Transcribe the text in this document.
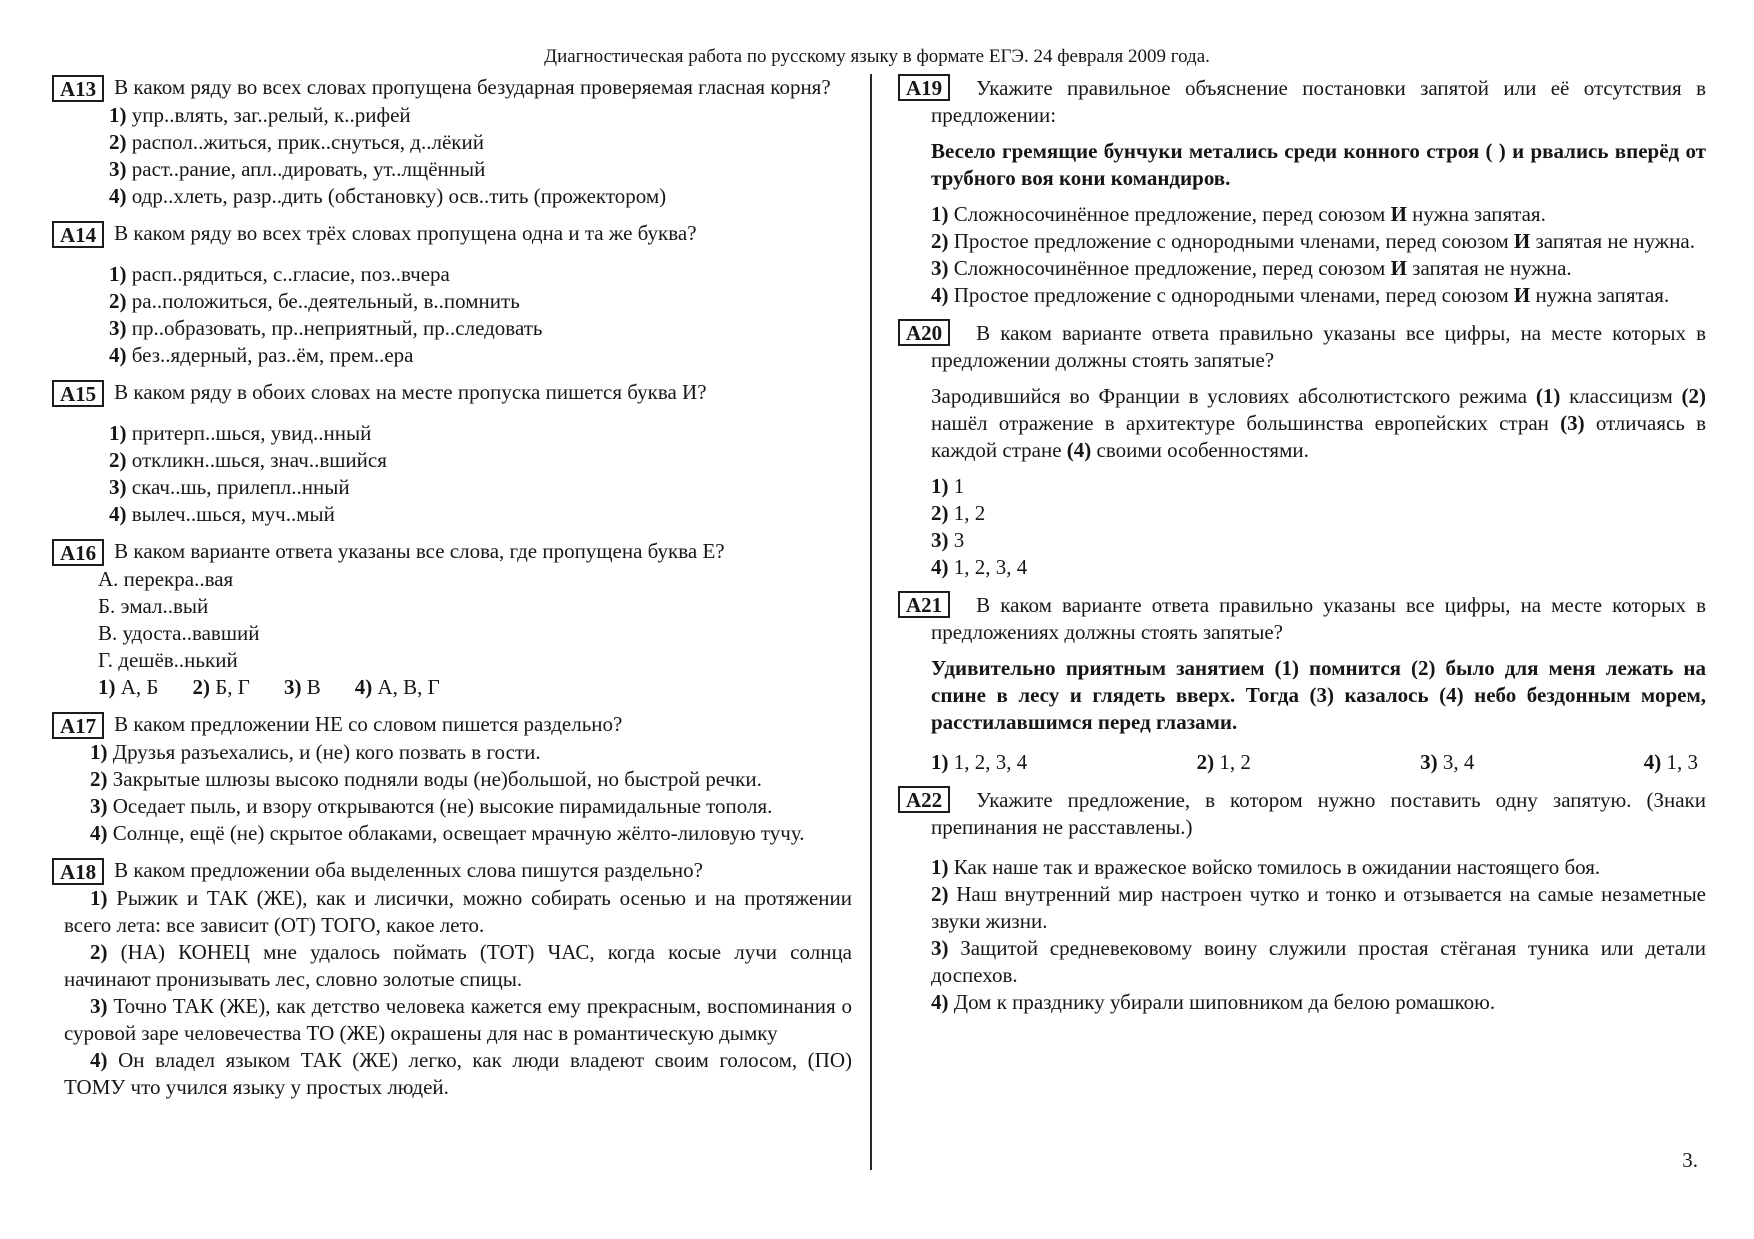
Диагностическая работа по русскому языку в формате ЕГЭ. 24 февраля 2009 года.
A13 В каком ряду во всех словах пропущена безударная проверяемая гласная корня?

1) упр..влять, заг..релый, к..рифей

2) распол..житься, прик..снуться, д..лёкий

3) раст..рание, апл..дировать, ут..лщённый

4) одр..хлеть, разр..дить (обстановку) осв..тить (прожектором)

A14 В каком ряду во всех трёх словах пропущена одна и та же буква?

1) расп..рядиться, с..гласие, поз..вчера

2) ра..положиться, бе..деятельный, в..помнить

3) пр..образовать, пр..неприятный, пр..следовать

4) без..ядерный, раз..ём, прем..ера

A15 В каком ряду в обоих словах на месте пропуска пишется буква И?

1) притерп..шься, увид..нный

2) откликн..шься, знач..вшийся

3) скач..шь, прилепл..нный

4) вылеч..шься, муч..мый

A16 В каком варианте ответа указаны все слова, где пропущена буква Е?

А. перекра..вая

Б. эмал..вый

В. удоста..вавший

Г. дешёв..нький

1) А, Б 2) Б, Г 3) В 4) А, В, Г
A17 В каком предложении НЕ со словом пишется раздельно?

1) Друзья разъехались, и (не) кого позвать в гости.

2) Закрытые шлюзы высоко подняли воды (не)большой, но быстрой речки.

3) Оседает пыль, и взору открываются (не) высокие пирамидальные тополя.

4) Солнце, ещё (не) скрытое облаками, освещает мрачную жёлто-лиловую тучу.

A18 В каком предложении оба выделенных слова пишутся раздельно?

1) Рыжик и ТАК (ЖЕ), как и лисички, можно собирать осенью и на протяжении всего лета: все зависит (ОТ) ТОГО, какое лето.

2) (НА) КОНЕЦ мне удалось поймать (ТОТ) ЧАС, когда косые лучи солнца начинают пронизывать лес, словно золотые спицы.

3) Точно ТАК (ЖЕ), как детство человека кажется ему прекрасным, воспоминания о суровой заре человечества ТО (ЖЕ) окрашены для нас в романтическую дымку

4) Он владел языком ТАК (ЖЕ) легко, как люди владеют своим голосом, (ПО) ТОМУ что учился языку у простых людей.

A19 Укажите правильное объяснение постановки запятой или её отсутствия в предложении:

Весело гремящие бунчуки метались среди конного строя ( ) и рвались вперёд от трубного воя кони командиров.

1) Сложносочинённое предложение, перед союзом И нужна запятая.

2) Простое предложение с однородными членами, перед союзом И запятая не нужна.

3) Сложносочинённое предложение, перед союзом И запятая не нужна.

4) Простое предложение с однородными членами, перед союзом И нужна запятая.

A20 В каком варианте ответа правильно указаны все цифры, на месте которых в предложении должны стоять запятые?

Зародившийся во Франции в условиях абсолютистского режима (1) классицизм (2) нашёл отражение в архитектуре большинства европейских стран (3) отличаясь в каждой стране (4) своими особенностями.

1) 1

2) 1, 2

3) 3

4) 1, 2, 3, 4

A21 В каком варианте ответа правильно указаны все цифры, на месте которых в предложениях должны стоять запятые?

Удивительно приятным занятием (1) помнится (2) было для меня лежать на спине в лесу и глядеть вверх. Тогда (3) казалось (4) небо бездонным морем, расстилавшимся перед глазами.

1) 1, 2, 3, 4	2) 1, 2	3) 3, 4	4) 1, 3

A22 Укажите предложение, в котором нужно поставить одну запятую. (Знаки препинания не расставлены.)

1) Как наше так и вражеское войско томилось в ожидании настоящего боя.

2) Наш внутренний мир настроен чутко и тонко и отзывается на самые незаметные звуки жизни.

3) Защитой средневековому воину служили простая стёганая туника или детали доспехов.

4) Дом к празднику убирали шиповником да белою ромашкою.

3.
